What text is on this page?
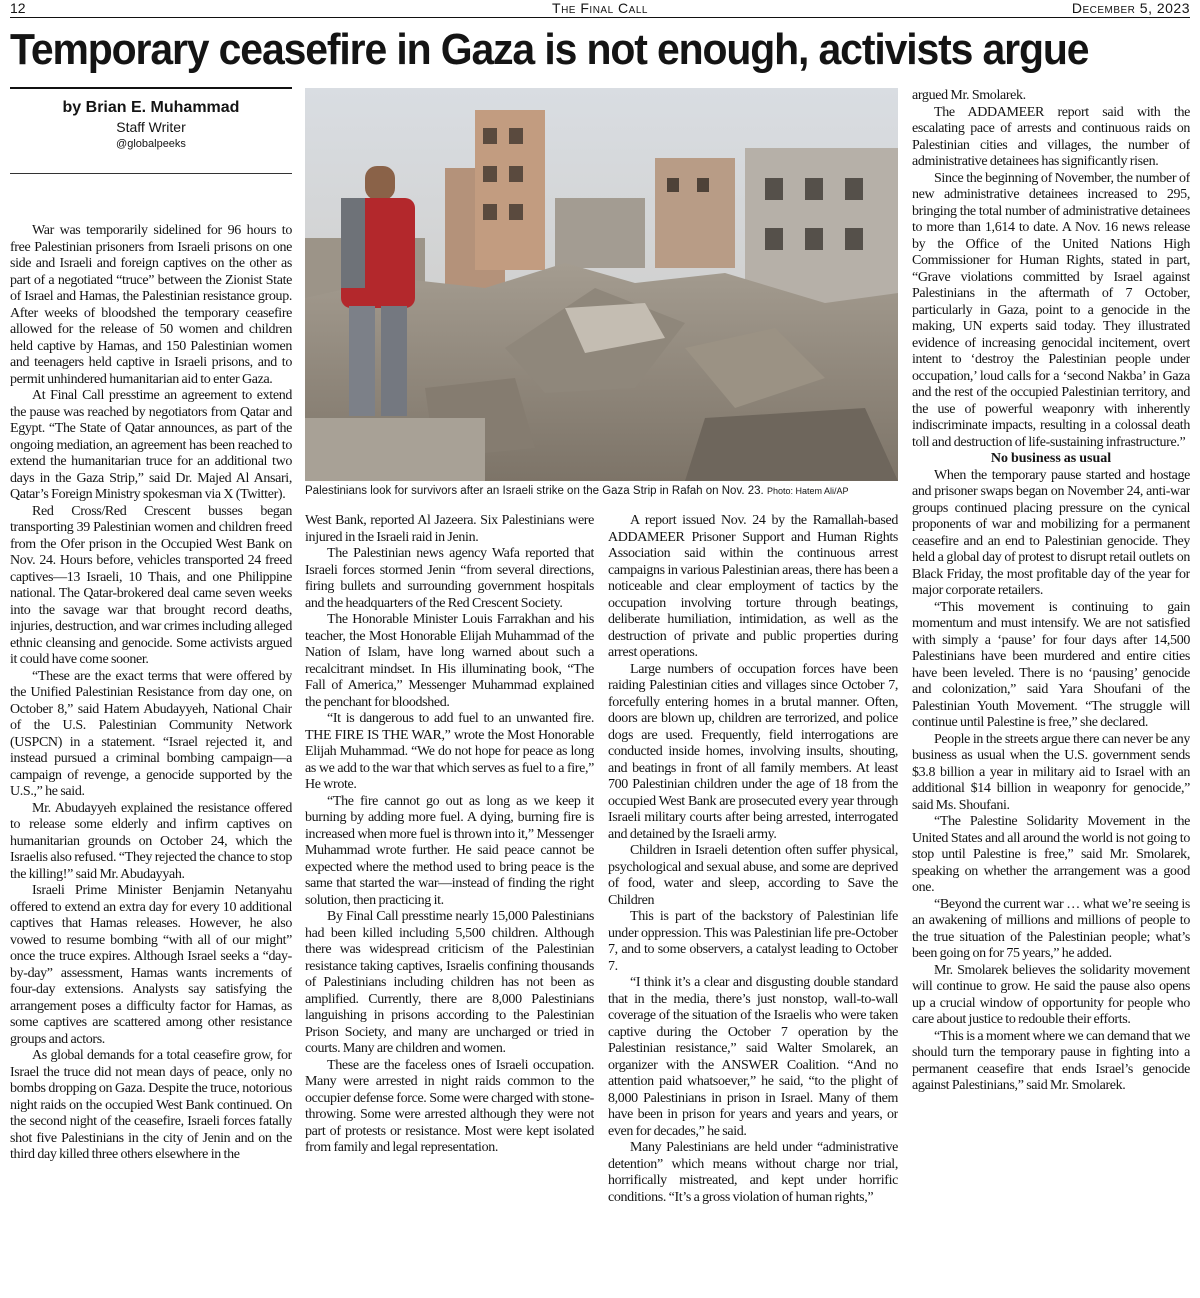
12	The Final Call	December 5, 2023
Temporary ceasefire in Gaza is not enough, activists argue
by Brian E. Muhammad
Staff Writer
@globalpeeks

War was temporarily sidelined for 96 hours to free Palestinian prisoners from Israeli prisons on one side and Israeli and foreign captives on the other as part of a negotiated “truce” between the Zionist State of Israel and Hamas, the Palestinian resistance group. After weeks of bloodshed the temporary ceasefire allowed for the release of 50 women and children held captive by Hamas, and 150 Palestinian women and teenagers held captive in Israeli prisons, and to permit unhindered humanitarian aid to enter Gaza.

At Final Call presstime an agreement to extend the pause was reached by negotiators from Qatar and Egypt. “The State of Qatar announces, as part of the ongoing mediation, an agreement has been reached to extend the humanitarian truce for an additional two days in the Gaza Strip,” said Dr. Majed Al Ansari, Qatar’s Foreign Ministry spokesman via X (Twitter).

Red Cross/Red Crescent busses began transporting 39 Palestinian women and children freed from the Ofer prison in the Occupied West Bank on Nov. 24. Hours before, vehicles transported 24 freed captives—13 Israeli, 10 Thais, and one Philippine national. The Qatar-brokered deal came seven weeks into the savage war that brought record deaths, injuries, destruction, and war crimes including alleged ethnic cleansing and genocide. Some activists argued it could have come sooner.

“These are the exact terms that were offered by the Unified Palestinian Resistance from day one, on October 8,” said Hatem Abudayyeh, National Chair of the U.S. Palestinian Community Network (USPCN) in a statement. “Israel rejected it, and instead pursued a criminal bombing campaign—a campaign of revenge, a genocide supported by the U.S.,” he said.

Mr. Abudayyeh explained the resistance offered to release some elderly and infirm captives on humanitarian grounds on October 24, which the Israelis also refused. “They rejected the chance to stop the killing!” said Mr. Abudayyah.

Israeli Prime Minister Benjamin Netanyahu offered to extend an extra day for every 10 additional captives that Hamas releases. However, he also vowed to resume bombing “with all of our might” once the truce expires. Although Israel seeks a “day-by-day” assessment, Hamas wants increments of four-day extensions. Analysts say satisfying the arrangement poses a difficulty factor for Hamas, as some captives are scattered among other resistance groups and actors.

As global demands for a total ceasefire grow, for Israel the truce did not mean days of peace, only no bombs dropping on Gaza. Despite the truce, notorious night raids on the occupied West Bank continued. On the second night of the ceasefire, Israeli forces fatally shot five Palestinians in the city of Jenin and on the third day killed three others elsewhere in the

Palestinians look for survivors after an Israeli strike on the Gaza Strip in Rafah on Nov. 23. Photo: Hatem Ali/AP

West Bank, reported Al Jazeera. Six Palestinians were injured in the Israeli raid in Jenin.

The Palestinian news agency Wafa reported that Israeli forces stormed Jenin “from several directions, firing bullets and surrounding government hospitals and the headquarters of the Red Crescent Society.

The Honorable Minister Louis Farrakhan and his teacher, the Most Honorable Elijah Muhammad of the Nation of Islam, have long warned about such a recalcitrant mindset. In His illuminating book, “The Fall of America,” Messenger Muhammad explained the penchant for bloodshed.

“It is dangerous to add fuel to an unwanted fire. THE FIRE IS THE WAR,” wrote the Most Honorable Elijah Muhammad. “We do not hope for peace as long as we add to the war that which serves as fuel to a fire,” He wrote.

“The fire cannot go out as long as we keep it burning by adding more fuel. A dying, burning fire is increased when more fuel is thrown into it,” Messenger Muhammad wrote further. He said peace cannot be expected where the method used to bring peace is the same that started the war—instead of finding the right solution, then practicing it.

By Final Call presstime nearly 15,000 Palestinians had been killed including 5,500 children. Although there was widespread criticism of the Palestinian resistance taking captives, Israelis confining thousands of Palestinians including children has not been as amplified. Currently, there are 8,000 Palestinians languishing in prisons according to the Palestinian Prison Society, and many are uncharged or tried in courts. Many are children and women.

These are the faceless ones of Israeli occupation. Many were arrested in night raids common to the occupier defense force. Some were charged with stone-throwing. Some were arrested although they were not part of protests or resistance. Most were kept isolated from family and legal representation.

A report issued Nov. 24 by the Ramallah-based ADDAMEER Prisoner Support and Human Rights Association said within the continuous arrest campaigns in various Palestinian areas, there has been a noticeable and clear employment of tactics by the occupation involving torture through beatings, deliberate humiliation, intimidation, as well as the destruction of private and public properties during arrest operations.

Large numbers of occupation forces have been raiding Palestinian cities and villages since October 7, forcefully entering homes in a brutal manner. Often, doors are blown up, children are terrorized, and police dogs are used. Frequently, field interrogations are conducted inside homes, involving insults, shouting, and beatings in front of all family members. At least 700 Palestinian children under the age of 18 from the occupied West Bank are prosecuted every year through Israeli military courts after being arrested, interrogated and detained by the Israeli army.

Children in Israeli detention often suffer physical, psychological and sexual abuse, and some are deprived of food, water and sleep, according to Save the Children

This is part of the backstory of Palestinian life under oppression. This was Palestinian life pre-October 7, and to some observers, a catalyst leading to October 7.

“I think it’s a clear and disgusting double standard that in the media, there’s just nonstop, wall-to-wall coverage of the situation of the Israelis who were taken captive during the October 7 operation by the Palestinian resistance,” said Walter Smolarek, an organizer with the ANSWER Coalition. “And no attention paid whatsoever,” he said, “to the plight of 8,000 Palestinians in prison in Israel. Many of them have been in prison for years and years and years, or even for decades,” he said.

Many Palestinians are held under “administrative detention” which means without charge nor trial, horrifically mistreated, and kept under horrific conditions. “It’s a gross violation of human rights,”

argued Mr. Smolarek.

The ADDAMEER report said with the escalating pace of arrests and continuous raids on Palestinian cities and villages, the number of administrative detainees has significantly risen.

Since the beginning of November, the number of new administrative detainees increased to 295, bringing the total number of administrative detainees to more than 1,614 to date. A Nov. 16 news release by the Office of the United Nations High Commissioner for Human Rights, stated in part, “Grave violations committed by Israel against Palestinians in the aftermath of 7 October, particularly in Gaza, point to a genocide in the making, UN experts said today. They illustrated evidence of increasing genocidal incitement, overt intent to ‘destroy the Palestinian people under occupation,’ loud calls for a ‘second Nakba’ in Gaza and the rest of the occupied Palestinian territory, and the use of powerful weaponry with inherently indiscriminate impacts, resulting in a colossal death toll and destruction of life-sustaining infrastructure.”

No business as usual

When the temporary pause started and hostage and prisoner swaps began on November 24, anti-war groups continued placing pressure on the cynical proponents of war and mobilizing for a permanent ceasefire and an end to Palestinian genocide. They held a global day of protest to disrupt retail outlets on Black Friday, the most profitable day of the year for major corporate retailers.

“This movement is continuing to gain momentum and must intensify. We are not satisfied with simply a ‘pause’ for four days after 14,500 Palestinians have been murdered and entire cities have been leveled. There is no ‘pausing’ genocide and colonization,” said Yara Shoufani of the Palestinian Youth Movement. “The struggle will continue until Palestine is free,” she declared.

People in the streets argue there can never be any business as usual when the U.S. government sends $3.8 billion a year in military aid to Israel with an additional $14 billion in weaponry for genocide,” said Ms. Shoufani.

“The Palestine Solidarity Movement in the United States and all around the world is not going to stop until Palestine is free,” said Mr. Smolarek, speaking on whether the arrangement was a good one.

“Beyond the current war … what we’re seeing is an awakening of millions and millions of people to the true situation of the Palestinian people; what’s been going on for 75 years,” he added.

Mr. Smolarek believes the solidarity movement will continue to grow. He said the pause also opens up a crucial window of opportunity for people who care about justice to redouble their efforts.

“This is a moment where we can demand that we should turn the temporary pause in fighting into a permanent ceasefire that ends Israel’s genocide against Palestinians,” said Mr. Smolarek.
